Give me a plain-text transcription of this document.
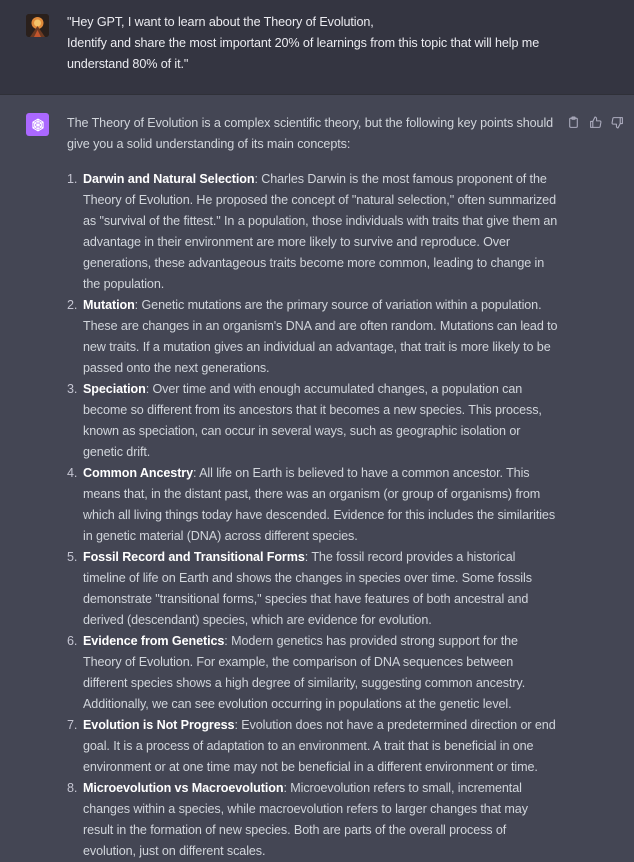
"Hey GPT, I want to learn about the Theory of Evolution,
Identify and share the most important 20% of learnings from this topic that will help me
understand 80% of it."

The Theory of Evolution is a complex scientific theory, but the following key points should give you a solid understanding of its main concepts:

1. Darwin and Natural Selection: Charles Darwin is the most famous proponent of the Theory of Evolution. He proposed the concept of "natural selection," often summarized as "survival of the fittest." In a population, those individuals with traits that give them an advantage in their environment are more likely to survive and reproduce. Over generations, these advantageous traits become more common, leading to change in the population.
2. Mutation: Genetic mutations are the primary source of variation within a population. These are changes in an organism's DNA and are often random. Mutations can lead to new traits. If a mutation gives an individual an advantage, that trait is more likely to be passed onto the next generations.
3. Speciation: Over time and with enough accumulated changes, a population can become so different from its ancestors that it becomes a new species. This process, known as speciation, can occur in several ways, such as geographic isolation or genetic drift.
4. Common Ancestry: All life on Earth is believed to have a common ancestor. This means that, in the distant past, there was an organism (or group of organisms) from which all living things today have descended. Evidence for this includes the similarities in genetic material (DNA) across different species.
5. Fossil Record and Transitional Forms: The fossil record provides a historical timeline of life on Earth and shows the changes in species over time. Some fossils demonstrate "transitional forms," species that have features of both ancestral and derived (descendant) species, which are evidence for evolution.
6. Evidence from Genetics: Modern genetics has provided strong support for the Theory of Evolution. For example, the comparison of DNA sequences between different species shows a high degree of similarity, suggesting common ancestry. Additionally, we can see evolution occurring in populations at the genetic level.
7. Evolution is Not Progress: Evolution does not have a predetermined direction or end goal. It is a process of adaptation to an environment. A trait that is beneficial in one environment or at one time may not be beneficial in a different environment or time.
8. Microevolution vs Macroevolution: Microevolution refers to small, incremental changes within a species, while macroevolution refers to larger changes that may result in the formation of new species. Both are parts of the overall process of evolution, just on different scales.
